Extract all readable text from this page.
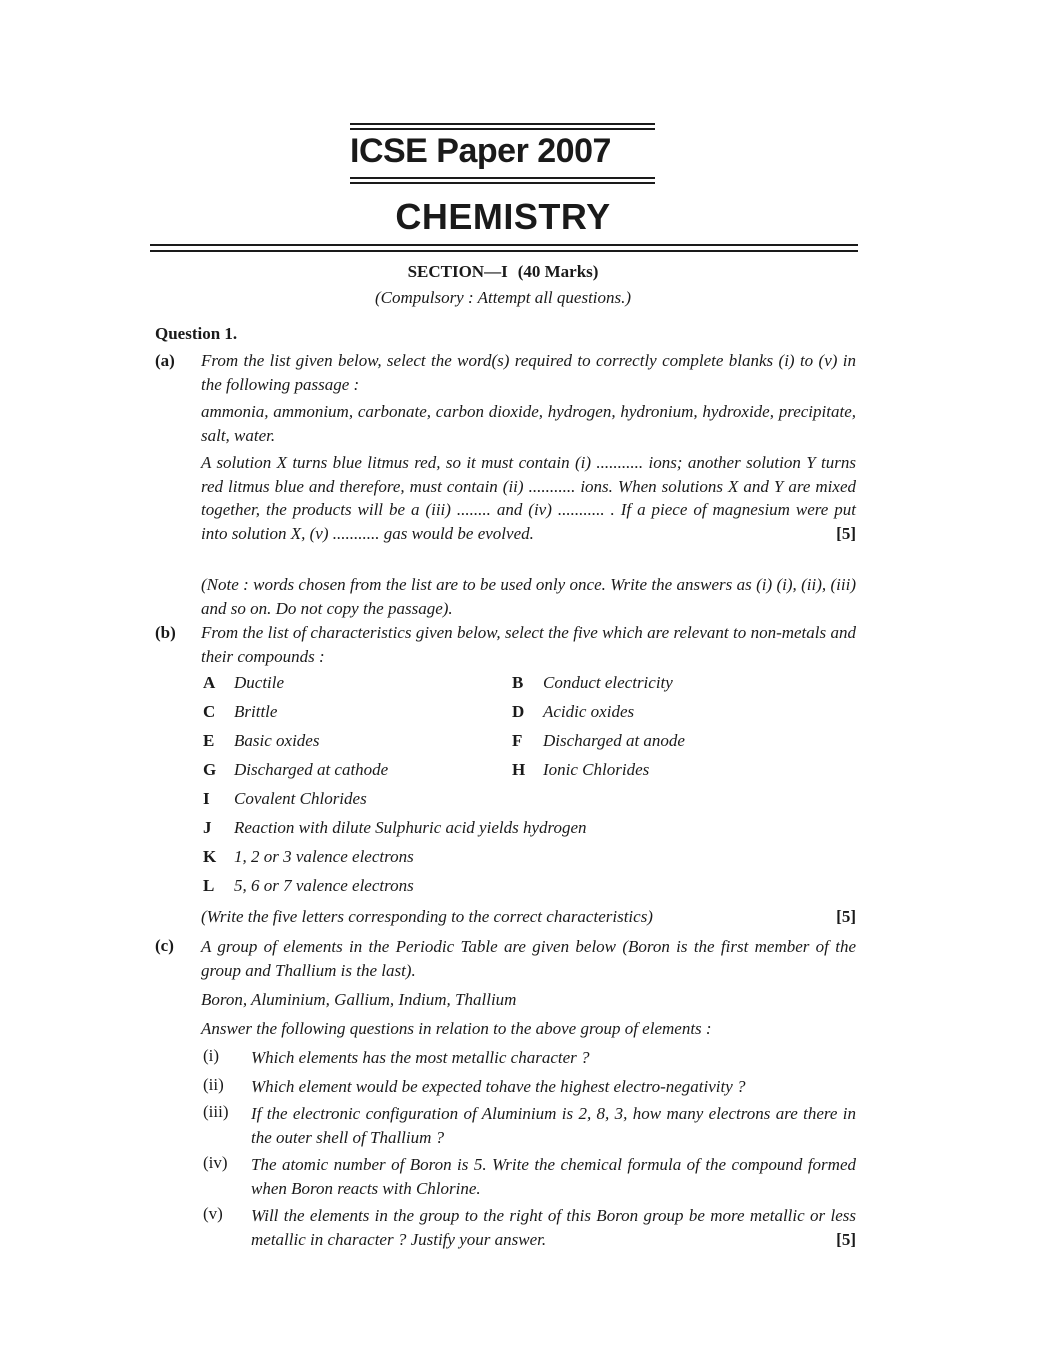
ICSE Paper 2007
CHEMISTRY
SECTION—I (40 Marks)
(Compulsory : Attempt all questions.)
Question 1.
(a) From the list given below, select the word(s) required to correctly complete blanks (i) to (v) in the following passage :
ammonia, ammonium, carbonate, carbon dioxide, hydrogen, hydronium, hydroxide, precipitate, salt, water.
A solution X turns blue litmus red, so it must contain (i) ........... ions; another solution Y turns red litmus blue and therefore, must contain (ii) ........... ions. When solutions X and Y are mixed together, the products will be a (iii) ........ and (iv) ........... . If a piece of magnesium were put into solution X, (v) ........... gas would be evolved.	[5]
(Note : words chosen from the list are to be used only once. Write the answers as (i) (i), (ii), (iii) and so on. Do not copy the passage).
(b) From the list of characteristics given below, select the five which are relevant to non-metals and their compounds :
A Ductile	B Conduct electricity
C Brittle	D Acidic oxides
E Basic oxides	F Discharged at anode
G Discharged at cathode	H Ionic Chlorides
I Covalent Chlorides
J Reaction with dilute Sulphuric acid yields hydrogen
K 1, 2 or 3 valence electrons
L 5, 6 or 7 valence electrons
(Write the five letters corresponding to the correct characteristics)	[5]
(c) A group of elements in the Periodic Table are given below (Boron is the first member of the group and Thallium is the last).
Boron, Aluminium, Gallium, Indium, Thallium
Answer the following questions in relation to the above group of elements :
(i) Which elements has the most metallic character ?
(ii) Which element would be expected tohave the highest electro-negativity ?
(iii) If the electronic configuration of Aluminium is 2, 8, 3, how many electrons are there in the outer shell of Thallium ?
(iv) The atomic number of Boron is 5. Write the chemical formula of the compound formed when Boron reacts with Chlorine.
(v) Will the elements in the group to the right of this Boron group be more metallic or less metallic in character ? Justify your answer.	[5]
